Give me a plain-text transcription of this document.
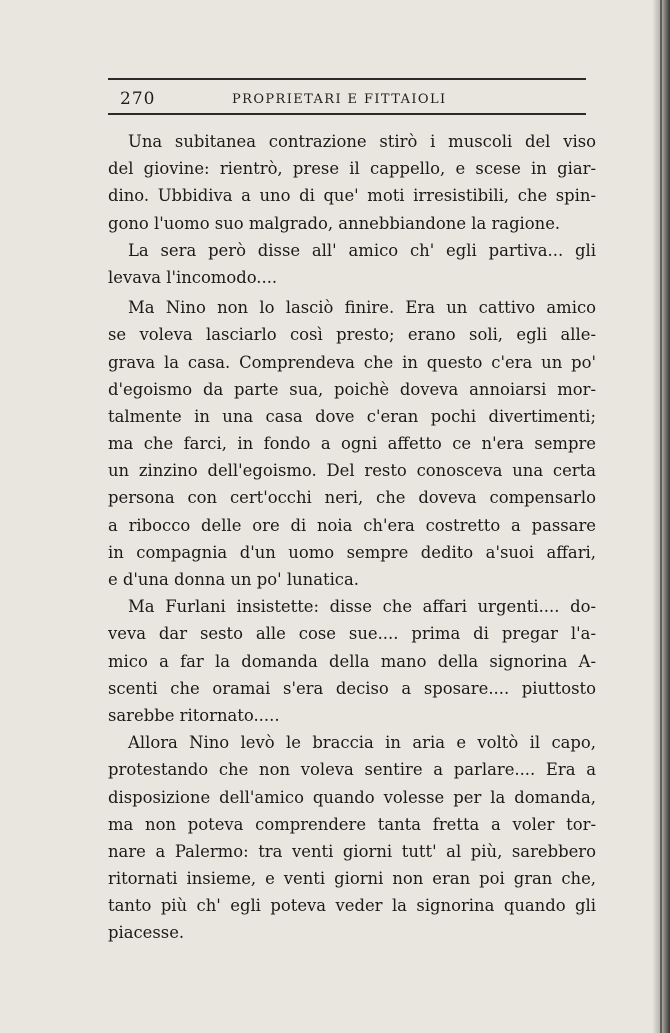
270	PROPRIETARI E FITTAIOLI
Una subitanea contrazione stirò i muscoli del viso
del giovine: rientrò, prese il cappello, e scese in giar-
dino. Ubbidiva a uno di que' moti irresistibili, che spin-
gono l'uomo suo malgrado, annebbiandone la ragione.
La sera però disse all' amico ch' egli partiva... gli
levava l'incomodo....
Ma Nino non lo lasciò finire. Era un cattivo amico
se voleva lasciarlo così presto; erano soli, egli alle-
grava la casa. Comprendeva che in questo c'era un po'
d'egoismo da parte sua, poichè doveva annoiarsi mor-
talmente in una casa dove c'eran pochi divertimenti;
ma che farci, in fondo a ogni affetto ce n'era sempre
un zinzino dell'egoismo. Del resto conosceva una certa
persona con cert'occhi neri, che doveva compensarlo
a ribocco delle ore di noia ch'era costretto a passare
in compagnia d'un uomo sempre dedito a'suoi affari,
e d'una donna un po' lunatica.
Ma Furlani insistette: disse che affari urgenti.... do-
veva dar sesto alle cose sue.... prima di pregar l'a-
mico a far la domanda della mano della signorina A-
scenti che oramai s'era deciso a sposare.... piuttosto
sarebbe ritornato.....
Allora Nino levò le braccia in aria e voltò il capo,
protestando che non voleva sentire a parlare.... Era a
disposizione dell'amico quando volesse per la domanda,
ma non poteva comprendere tanta fretta a voler tor-
nare a Palermo: tra venti giorni tutt' al più, sarebbero
ritornati insieme, e venti giorni non eran poi gran che,
tanto più ch' egli poteva veder la signorina quando gli
piacesse.
